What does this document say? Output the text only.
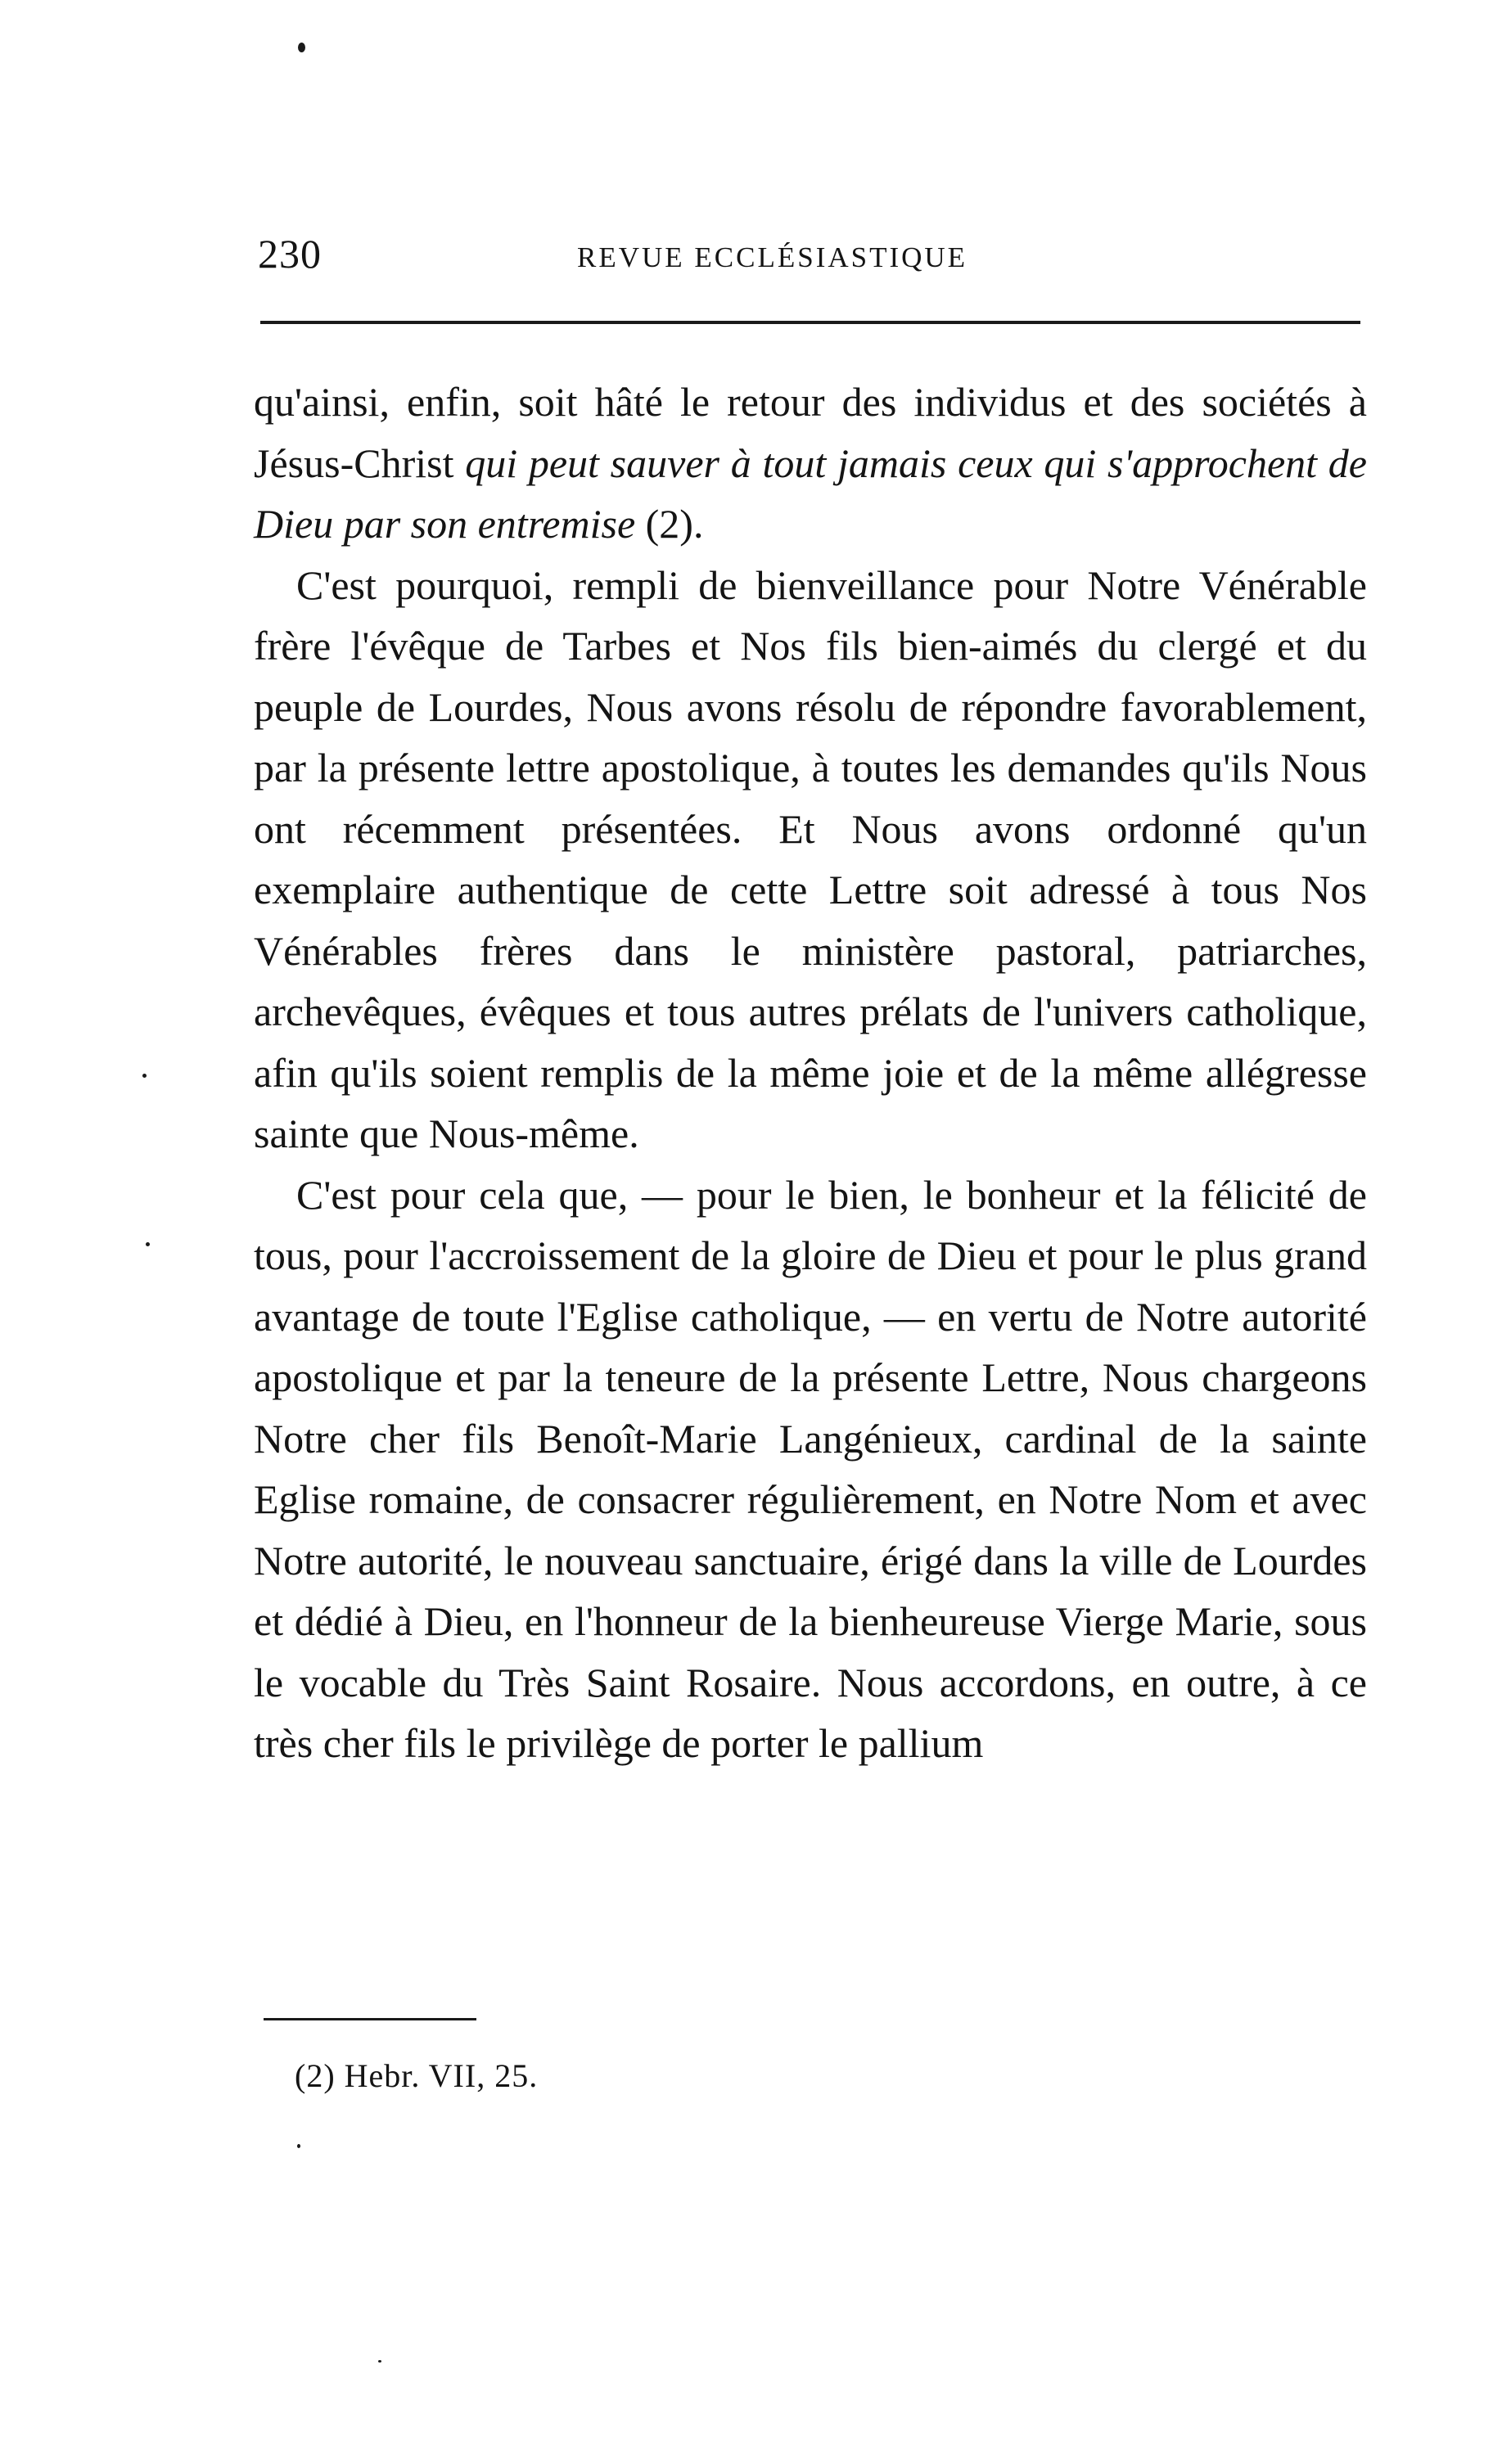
230	REVUE ECCLÉSIASTIQUE

qu'ainsi, enfin, soit hâté le retour des individus et des sociétés à Jésus-Christ qui peut sauver à tout jamais ceux qui s'approchent de Dieu par son entremise (2).

C'est pourquoi, rempli de bienveillance pour Notre Vénérable frère l'évêque de Tarbes et Nos fils bien-aimés du clergé et du peuple de Lourdes, Nous avons résolu de répondre favorablement, par la présente lettre apostolique, à toutes les demandes qu'ils Nous ont récemment présentées. Et Nous avons ordonné qu'un exemplaire authentique de cette Lettre soit adressé à tous Nos Vénérables frères dans le ministère pastoral, patriarches, archevêques, évêques et tous autres prélats de l'univers catholique, afin qu'ils soient remplis de la même joie et de la même allégresse sainte que Nous-même.

C'est pour cela que, — pour le bien, le bonheur et la félicité de tous, pour l'accroissement de la gloire de Dieu et pour le plus grand avantage de toute l'Eglise catholique, — en vertu de Notre autorité apostolique et par la teneure de la présente Lettre, Nous chargeons Notre cher fils Benoît-Marie Langénieux, cardinal de la sainte Eglise romaine, de consacrer régulièrement, en Notre Nom et avec Notre autorité, le nouveau sanctuaire, érigé dans la ville de Lourdes et dédié à Dieu, en l'honneur de la bienheureuse Vierge Marie, sous le vocable du Très Saint Rosaire. Nous accordons, en outre, à ce très cher fils le privilège de porter le pallium

(2) Hebr. VII, 25.
